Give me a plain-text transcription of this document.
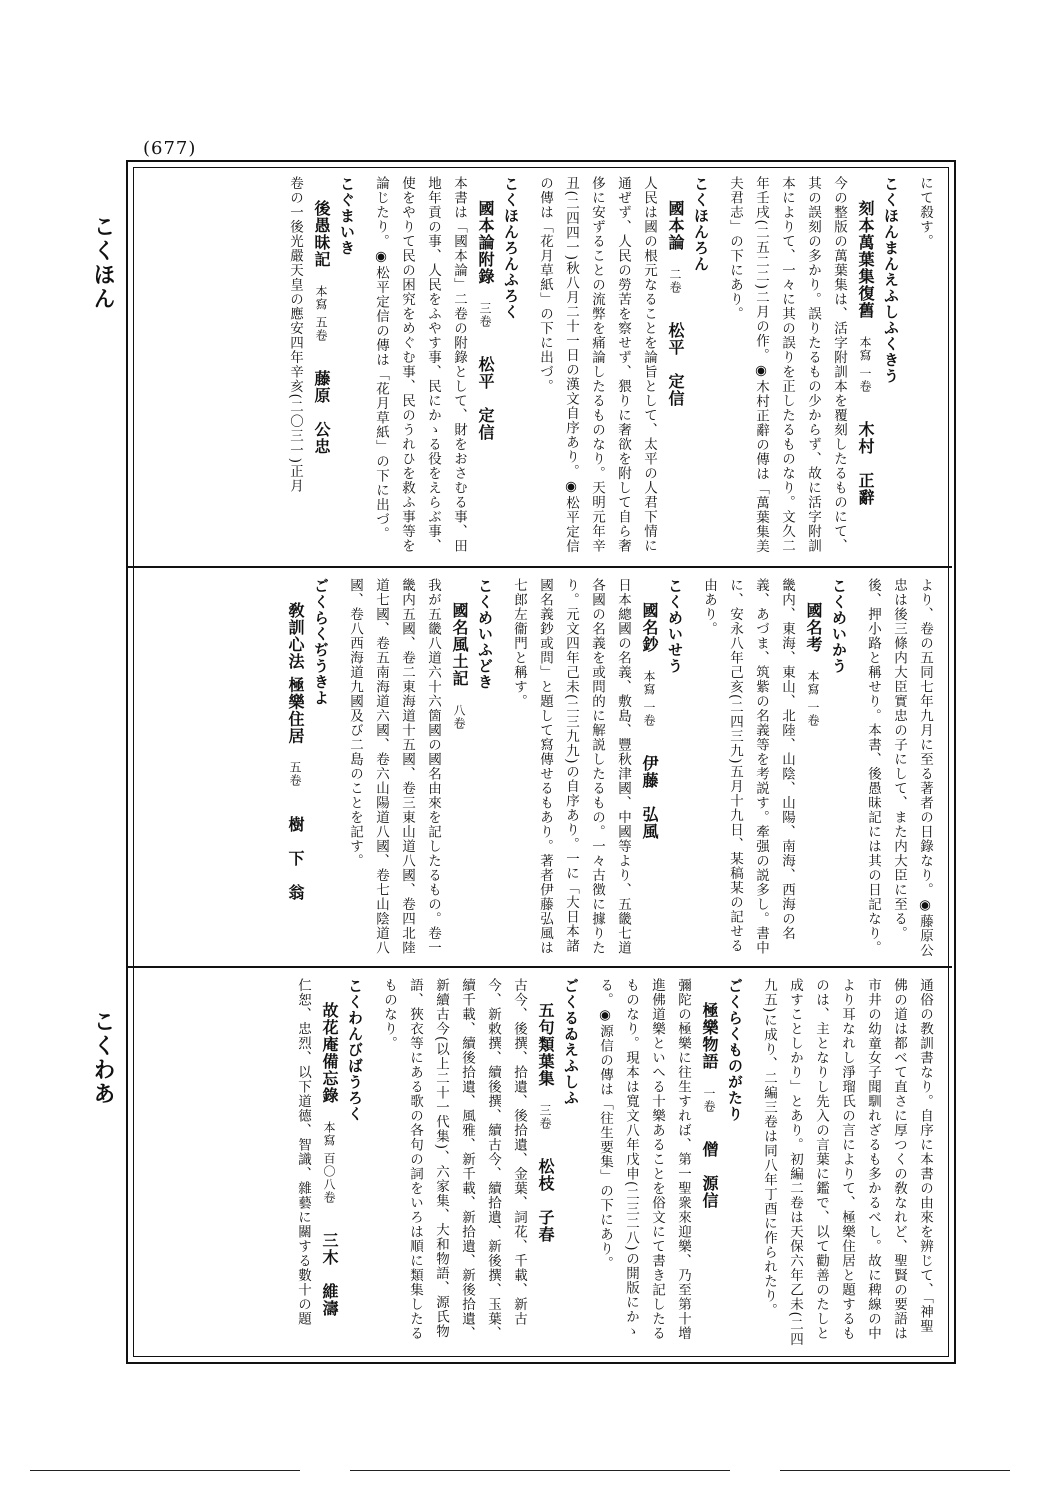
(677)
こくほん
こくわあ
にて殺す。
こくほんまんえふしふくきう
刻本萬葉集復舊 本寫 一卷 木村　正辭
今の整版の萬葉集は、活字附訓本を覆刻したるものにて、其の誤刻の多かり。誤りたるもの少からず、故に活字附訓本によりて、一々に其の誤りを正したるものなり。文久二年壬戌(二五二二)二月の作。◉木村正辭の傳は「萬葉集美夫君志」の下にあり。
こくほんろん
國本論 二卷 松平　定信
人民は國の根元なることを論旨として、太平の人君下情に通ぜず、人民の勞苦を察せず、猥りに奢欲を附して自ら奢侈に安ずることの流弊を痛論したるものなり。天明元年辛丑(二四四一)秋八月二十一日の漢文自序あり。◉松平定信の傳は「花月草紙」の下に出づ。
こくほんろんふろく
國本論附錄 三卷 松平　定信
本書は「國本論」二卷の附錄として、財をおさむる事、田地年貢の事、人民をふやす事、民にかゝる役をえらぶ事、使をやりて民の困究をめぐむ事、民のうれひを救ふ事等を論じたり。◉松平定信の傳は「花月草紙」の下に出づ。
こぐまいき
後愚昧記 本寫 五卷 藤原　公忠
卷の一後光嚴天皇の應安四年辛亥(二〇三一)正月
より、卷の五同七年九月に至る著者の日錄なり。◉藤原公忠は後三條内大臣實忠の子にして、また内大臣に至る。後、押小路と稱せり。本書、後愚昧記には其の日記なり。
こくめいかう
國名考 本寫 一卷
畿内、東海、東山、北陸、山陰、山陽、南海、西海の名義、あづま、筑紫の名義等を考説す。牽强の説多し。書中に、安永八年己亥(二四三九)五月十九日、某稿某の記せる由あり。
こくめいせう
國名鈔 本寫 一卷 伊藤　弘風
日本總國の名義、敷島、豐秋津國、中國等より、五畿七道各國の名義を或問的に解説したるもの。一々古徴に據りたり。元文四年己未(二三九九)の自序あり。一に「大日本諸國名義鈔或問」と題して寫傳せるもあり。著者伊藤弘風は七郎左衞門と稱す。
こくめいふどき
國名風土記 八卷
我が五畿八道六十六箇國の國名由來を記したるもの。卷一畿内五國、卷二東海道十五國、卷三東山道八國、卷四北陸道七國、卷五南海道六國、卷六山陽道八國、卷七山陰道八國、卷八西海道九國及び二島のことを記す。
ごくらくぢうきよ
敎訓心法 極樂住居 五卷 樹　下　翁
通俗の教訓書なり。自序に本書の由來を辨じて、「神聖佛の道は都べて直さに厚つくの敎なれど、聖賢の要語は市井の幼童女子聞馴れざるも多かるべし。故に稗線の中より耳なれし淨瑠氏の言によりて、極樂住居と題するものは、主となりし先入の言葉に鑑で、以て勸善のたしと成すことしかり」とあり。初編二卷は天保六年乙未(二四九五)に成り、二編三卷は同八年丁酉に作られたり。
ごくらくものがたり
極樂物語 一卷 僧　源信
彌陀の極樂に往生すれば、第一聖衆來迎樂、乃至第十增進佛道樂といへる十樂あることを俗文にて書き記したるものなり。現本は寬文八年戊申(二三二八)の開版にかゝる。◉源信の傳は「往生要集」の下にあり。
ごくるゐえふしふ
五句類葉集 三卷 松枝　子春
古今、後撰、拾遺、後拾遺、金葉、詞花、千載、新古今、新敕撰、續後撰、續古今、續拾遺、新後撰、玉葉、續千載、續後拾遺、風雅、新千載、新拾遺、新後拾遺、新續古今(以上二十一代集)、六家集、大和物語、源氏物語、狹衣等にある歌の各句の詞をいろは順に類集したるものなり。
こくわんびばうろく
故花庵備忘錄 本寫 百〇八卷 三木　維濤
仁恕、忠烈、以下道德、智識、雜藝に關する數十の題
